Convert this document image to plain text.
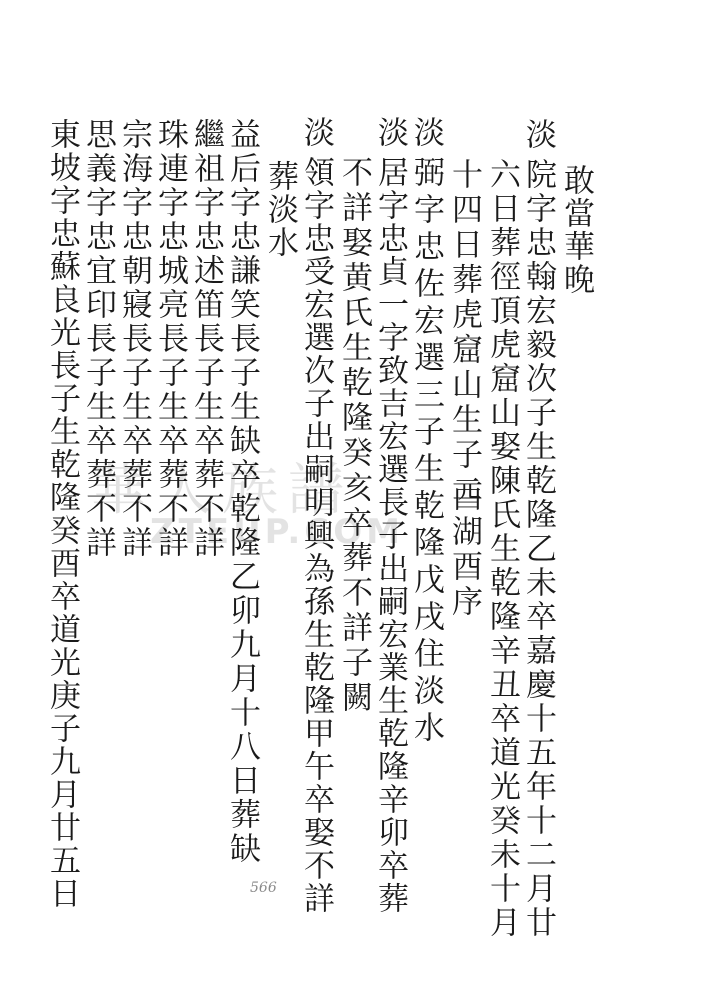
華人族譜
ZTEUP.COM
敢當華晚
淡
院字忠翰宏毅次子生乾隆乙未卒嘉慶十五年十二月廿
六日葬徑頂虎窟山娶陳氏生乾隆辛丑卒道光癸未十月
十四日葬虎窟山生子二
酉湖酉序
淡
弼字忠佐宏選三子生乾隆戊戌住淡水
淡
居字忠貞一字致吉宏選長子出嗣宏業生乾隆辛卯卒葬
不詳娶黄氏生乾隆癸亥卒葬不詳子闕
淡
領字忠受宏選次子出嗣明興為孫生乾隆甲午卒娶不詳
葬淡水
益后字忠謙笑長子生缺卒乾隆乙卯九月十八日葬缺
繼祖字忠述笛長子生卒葬不詳
珠連字忠城亮長子生卒葬不詳
宗海字忠朝寢長子生卒葬不詳
思義字忠宜印長子生卒葬不詳
東坡字忠蘇良光長子生乾隆癸酉卒道光庚子九月廿五日	566
